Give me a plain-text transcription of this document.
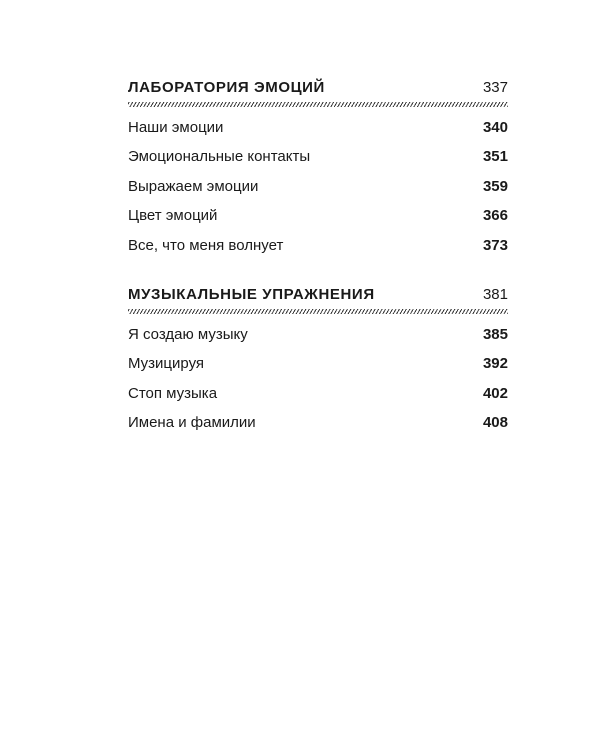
ЛАБОРАТОРИЯ ЭМОЦИЙ	337
Наши эмоции	340
Эмоциональные контакты	351
Выражаем эмоции	359
Цвет эмоций	366
Все, что меня волнует	373
МУЗЫКАЛЬНЫЕ УПРАЖНЕНИЯ	381
Я создаю музыку	385
Музицируя	392
Стоп музыка	402
Имена и фамилии	408
